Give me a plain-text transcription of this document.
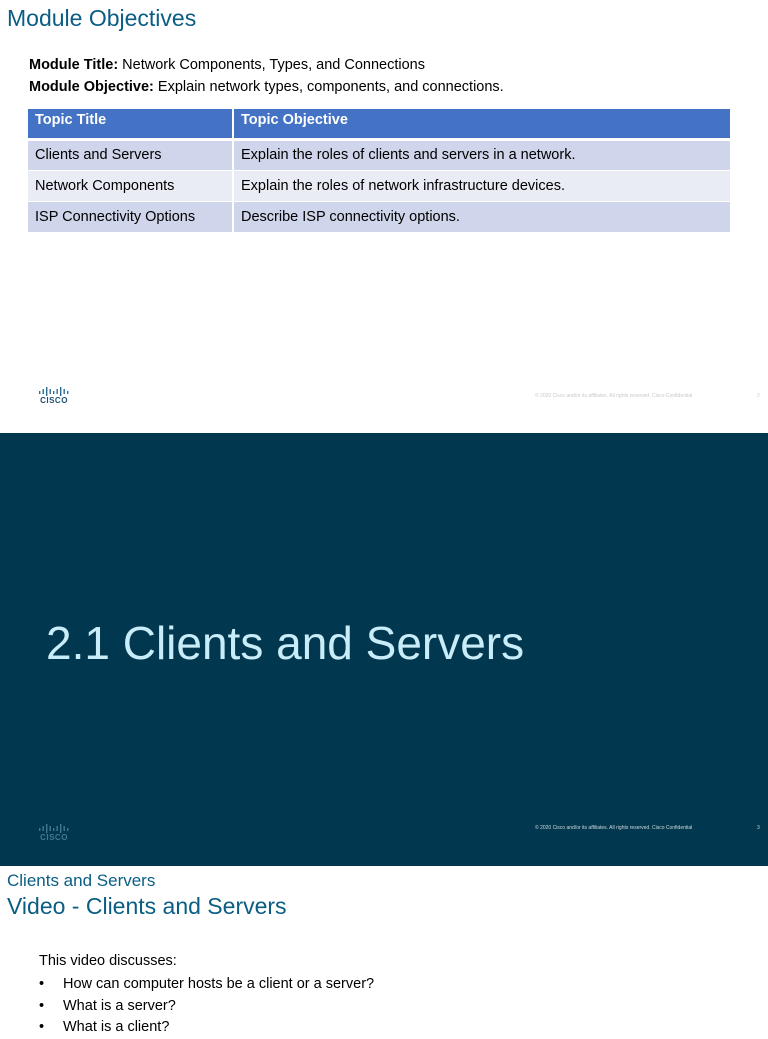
Module Objectives
Module Title: Network Components, Types, and Connections
Module Objective: Explain network types, components, and connections.
Topic Title	Topic Objective
Clients and Servers	Explain the roles of clients and servers in a network.
Network Components	Explain the roles of network infrastructure devices.
ISP Connectivity Options	Describe ISP connectivity options.
CISCO	© 2020 Cisco and/or its affiliates. All rights reserved. Cisco Confidential	2
2.1 Clients and Servers
CISCO
© 2020 Cisco and/or its affiliates. All rights reserved. Cisco Confidential	3
Clients and Servers
Video - Clients and Servers
This video discusses:
• How can computer hosts be a client or a server?
• What is a server?
• What is a client?
